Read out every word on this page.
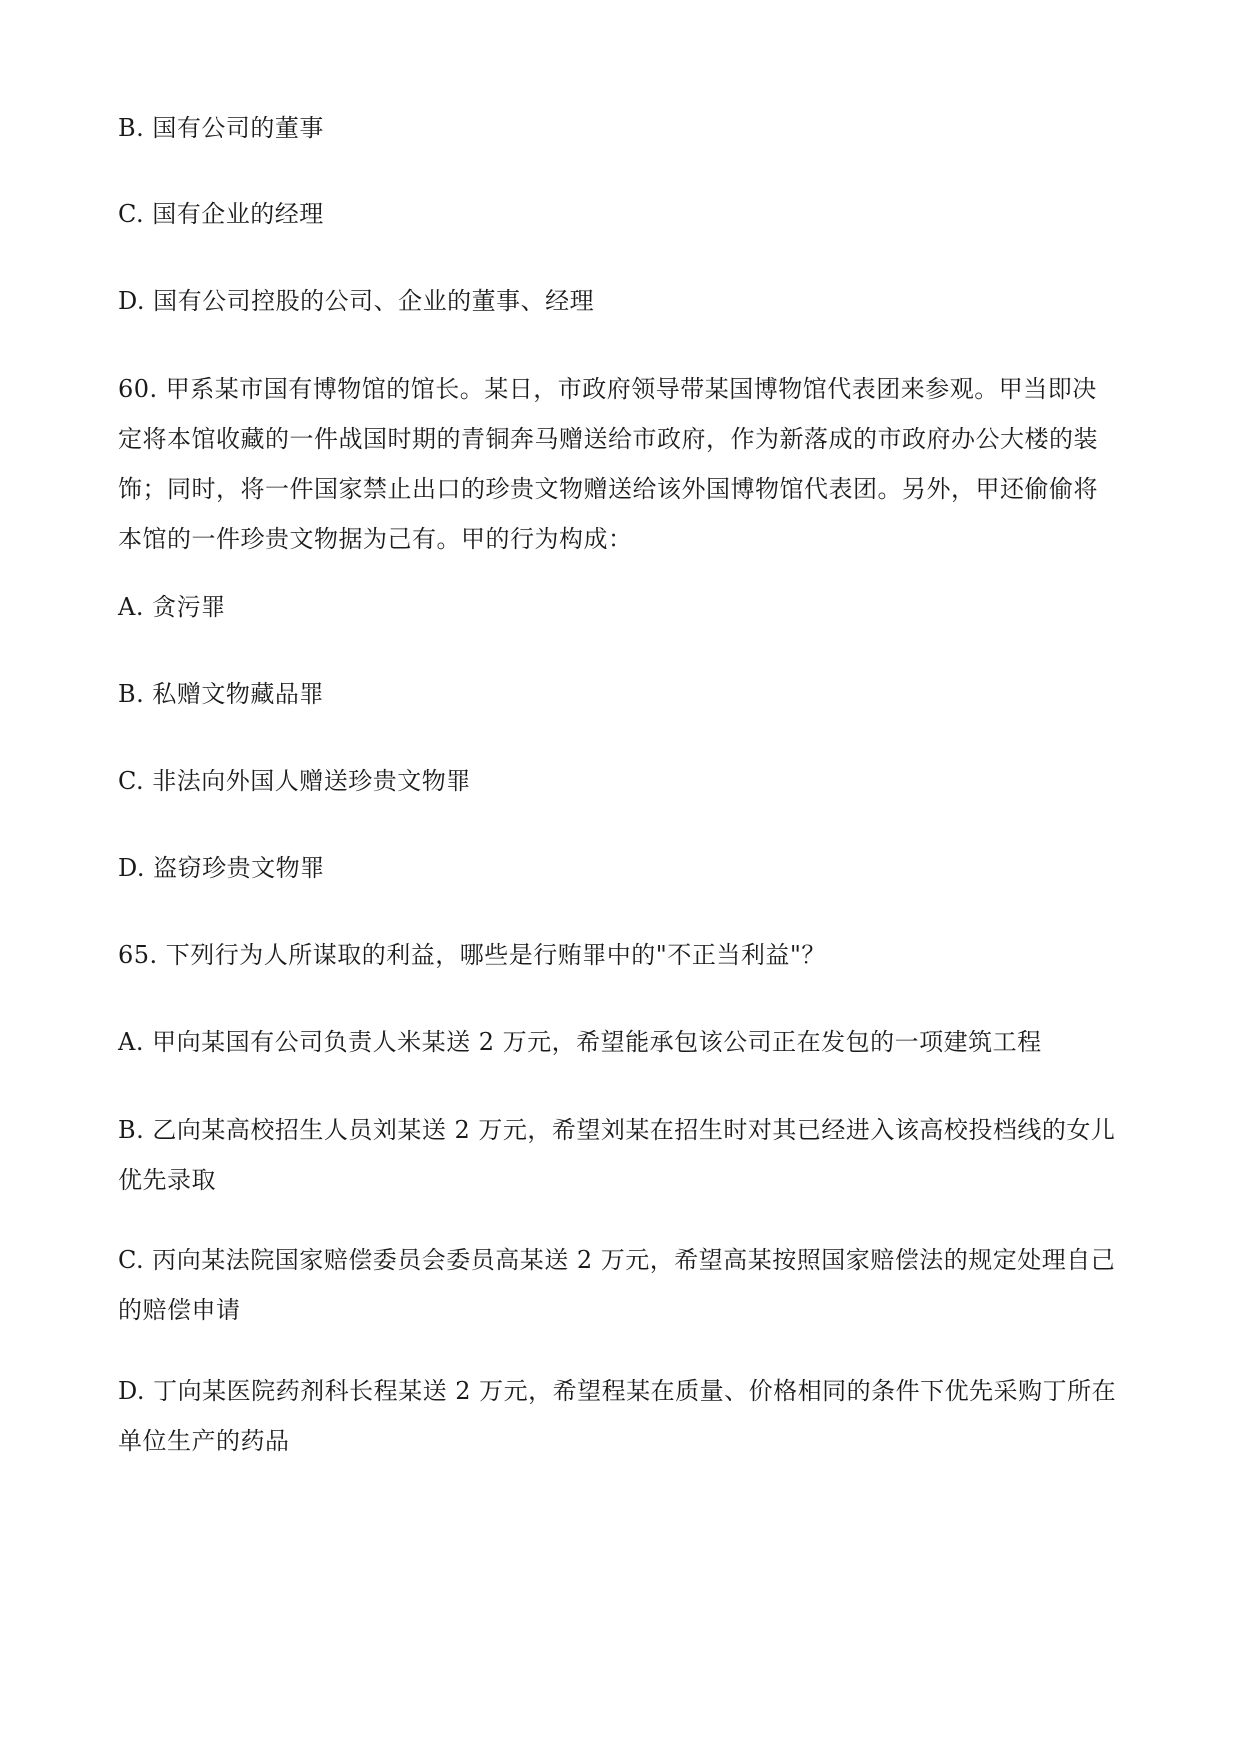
B. 国有公司的董事
C. 国有企业的经理
D. 国有公司控股的公司、企业的董事、经理
60. 甲系某市国有博物馆的馆长。某日，市政府领导带某国博物馆代表团来参观。甲当即决
定将本馆收藏的一件战国时期的青铜奔马赠送给市政府，作为新落成的市政府办公大楼的装
饰；同时，将一件国家禁止出口的珍贵文物赠送给该外国博物馆代表团。另外，甲还偷偷将
本馆的一件珍贵文物据为己有。甲的行为构成：
A. 贪污罪
B. 私赠文物藏品罪
C. 非法向外国人赠送珍贵文物罪
D. 盗窃珍贵文物罪
65. 下列行为人所谋取的利益，哪些是行贿罪中的"不正当利益"？
A. 甲向某国有公司负责人米某送 2 万元，希望能承包该公司正在发包的一项建筑工程
B. 乙向某高校招生人员刘某送 2 万元，希望刘某在招生时对其已经进入该高校投档线的女儿
优先录取
C. 丙向某法院国家赔偿委员会委员高某送 2 万元，希望高某按照国家赔偿法的规定处理自己
的赔偿申请
D. 丁向某医院药剂科长程某送 2 万元，希望程某在质量、价格相同的条件下优先采购丁所在
单位生产的药品
